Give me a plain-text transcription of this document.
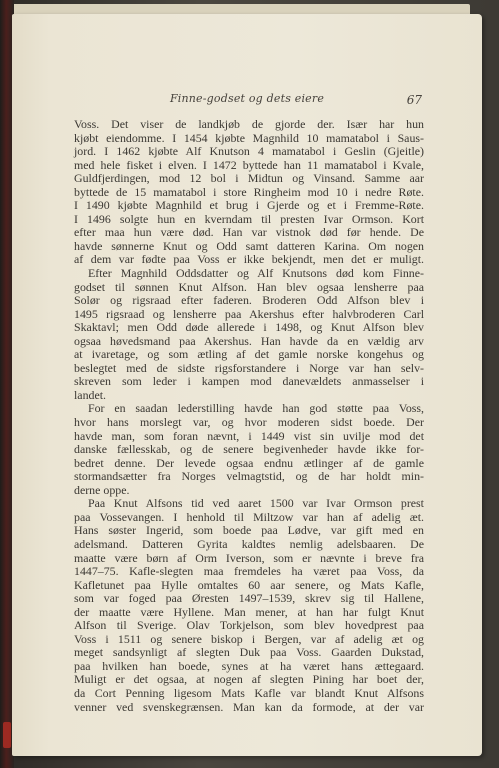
Finne-godset og dets eiere	67
Voss. Det viser de landkjøb de gjorde der. Især har hun
kjøbt eiendomme. I 1454 kjøbte Magnhild 10 mamatabol i Saus-
jord. I 1462 kjøbte Alf Knutson 4 mamatabol i Geslin (Gjeitle)
med hele fisket i elven. I 1472 byttede han 11 mamatabol i Kvale,
Guldfjerdingen, mod 12 bol i Midtun og Vinsand. Samme aar
byttede de 15 mamatabol i store Ringheim mod 10 i nedre Røte.
I 1490 kjøbte Magnhild et brug i Gjerde og et i Fremme-Røte.
I 1496 solgte hun en kverndam til presten Ivar Ormson. Kort
efter maa hun være død. Han var vistnok død før hende. De
havde sønnerne Knut og Odd samt datteren Karina. Om nogen
af dem var fødte paa Voss er ikke bekjendt, men det er muligt.
Efter Magnhild Oddsdatter og Alf Knutsons død kom Finne-
godset til sønnen Knut Alfson. Han blev ogsaa lensherre paa
Solør og rigsraad efter faderen. Broderen Odd Alfson blev i
1495 rigsraad og lensherre paa Akershus efter halvbroderen Carl
Skaktavl; men Odd døde allerede i 1498, og Knut Alfson blev
ogsaa høvedsmand paa Akershus. Han havde da en vældig arv
at ivaretage, og som ætling af det gamle norske kongehus og
beslegtet med de sidste rigsforstandere i Norge var han selv-
skreven som leder i kampen mod danevældets anmasselser i
landet.
For en saadan lederstilling havde han god støtte paa Voss,
hvor hans morslegt var, og hvor moderen sidst boede. Der
havde man, som foran nævnt, i 1449 vist sin uvilje mod det
danske fællesskab, og de senere begivenheder havde ikke for-
bedret denne. Der levede ogsaa endnu ætlinger af de gamle
stormandsætter fra Norges velmagtstid, og de har holdt min-
derne oppe.
Paa Knut Alfsons tid ved aaret 1500 var Ivar Ormson prest
paa Vossevangen. I henhold til Miltzow var han af adelig æt.
Hans søster Ingerid, som boede paa Lødve, var gift med en
adelsmand. Datteren Gyrita kaldtes nemlig adelsbaaren. De
maatte være børn af Orm Iverson, som er nævnte i breve fra
1447–75. Kafle-slegten maa fremdeles ha været paa Voss, da
Kafletunet paa Hylle omtaltes 60 aar senere, og Mats Kafle,
som var foged paa Øresten 1497–1539, skrev sig til Hallene,
der maatte være Hyllene. Man mener, at han har fulgt Knut
Alfson til Sverige. Olav Torkjelson, som blev hovedprest paa
Voss i 1511 og senere biskop i Bergen, var af adelig æt og
meget sandsynligt af slegten Duk paa Voss. Gaarden Dukstad,
paa hvilken han boede, synes at ha været hans ættegaard.
Muligt er det ogsaa, at nogen af slegten Pining har boet der,
da Cort Penning ligesom Mats Kafle var blandt Knut Alfsons
venner ved svenskegrænsen. Man kan da formode, at der var
